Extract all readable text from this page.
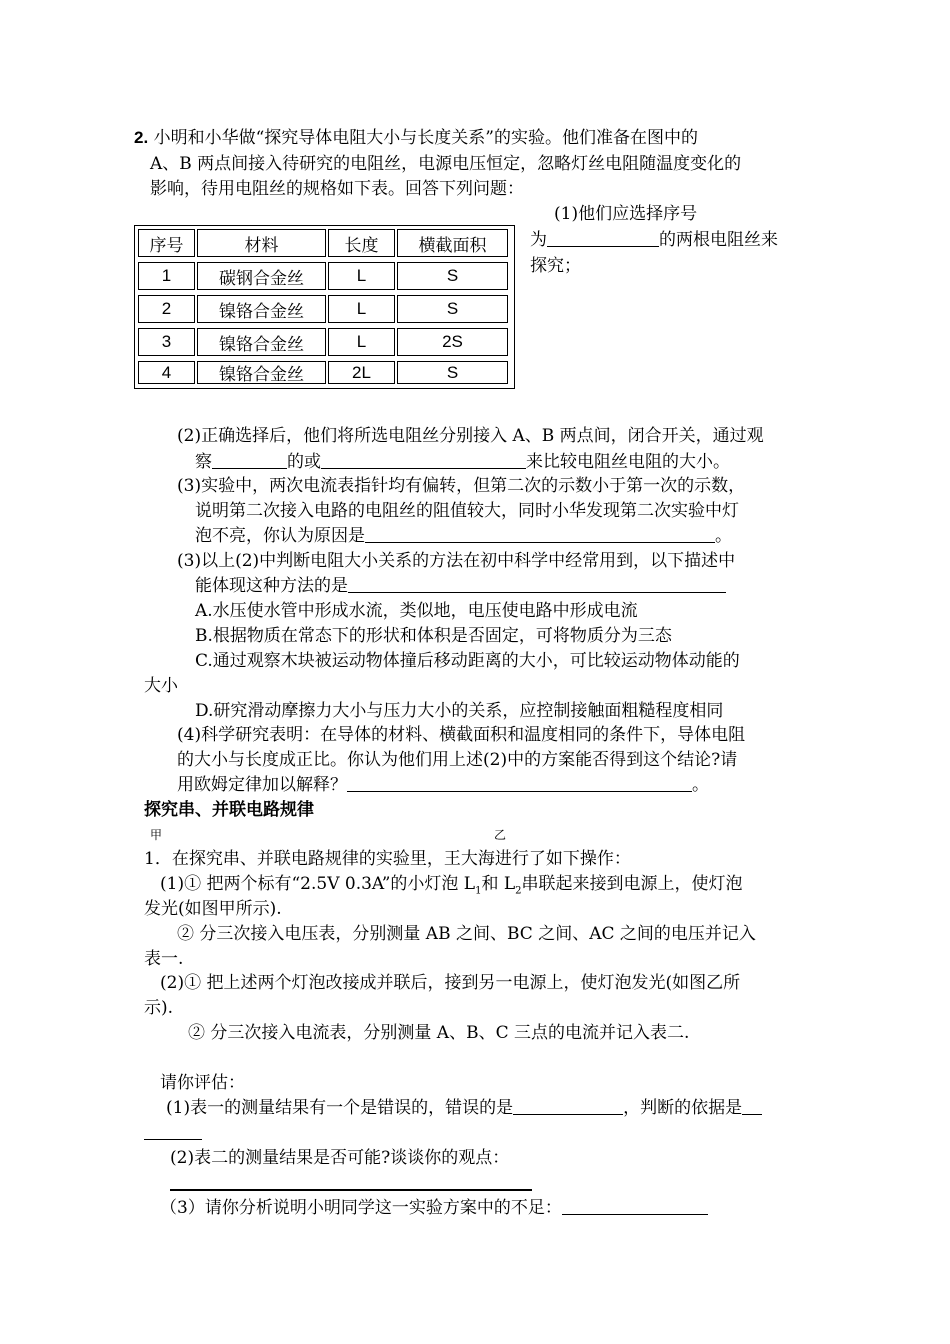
2. 小明和小华做“探究导体电阻大小与长度关系”的实验。他们准备在图中的
A、B 两点间接入待研究的电阻丝，电源电压恒定，忽略灯丝电阻随温度变化的
影响，待用电阻丝的规格如下表。回答下列问题：
序号	材料	长度	横截面积
1	碳钢合金丝	L	S
2	镍铬合金丝	L	S
3	镍铬合金丝	L	2S
4	镍铬合金丝	2L	S
(1)他们应选择序号
为	的两根电阻丝来
探究；
(2)正确选择后，他们将所选电阻丝分别接入 A、B 两点间，闭合开关，通过观
察	的或	来比较电阻丝电阻的大小。
(3)实验中，两次电流表指针均有偏转，但第二次的示数小于第一次的示数，
说明第二次接入电路的电阻丝的阻值较大，同时小华发现第二次实验中灯
泡不亮，你认为原因是	。
(3)以上(2)中判断电阻大小关系的方法在初中科学中经常用到，以下描述中
能体现这种方法的是
A.水压使水管中形成水流，类似地，电压使电路中形成电流
B.根据物质在常态下的形状和体积是否固定，可将物质分为三态
C.通过观察木块被运动物体撞后移动距离的大小，可比较运动物体动能的
大小
D.研究滑动摩擦力大小与压力大小的关系，应控制接触面粗糙程度相同
(4)科学研究表明：在导体的材料、横截面积和温度相同的条件下，导体电阻
的大小与长度成正比。你认为他们用上述(2)中的方案能否得到这个结论?请
用欧姆定律加以解释？	。
探究串、并联电路规律
甲	乙
1．在探究串、并联电路规律的实验里，王大海进行了如下操作：
(1)① 把两个标有“2.5V 0.3A”的小灯泡 $L_1$和 $L_2$串联起来接到电源上，使灯泡
发光(如图甲所示).
② 分三次接入电压表，分别测量 AB 之间、BC 之间、AC 之间的电压并记入
表一.
(2)① 把上述两个灯泡改接成并联后，接到另一电源上，使灯泡发光(如图乙所
示).
② 分三次接入电流表，分别测量 A、B、C 三点的电流并记入表二.
请你评估：
(1)表一的测量结果有一个是错误的，错误的是	，判断的依据是
(2)表二的测量结果是否可能?谈谈你的观点：
（3）请你分析说明小明同学这一实验方案中的不足：
